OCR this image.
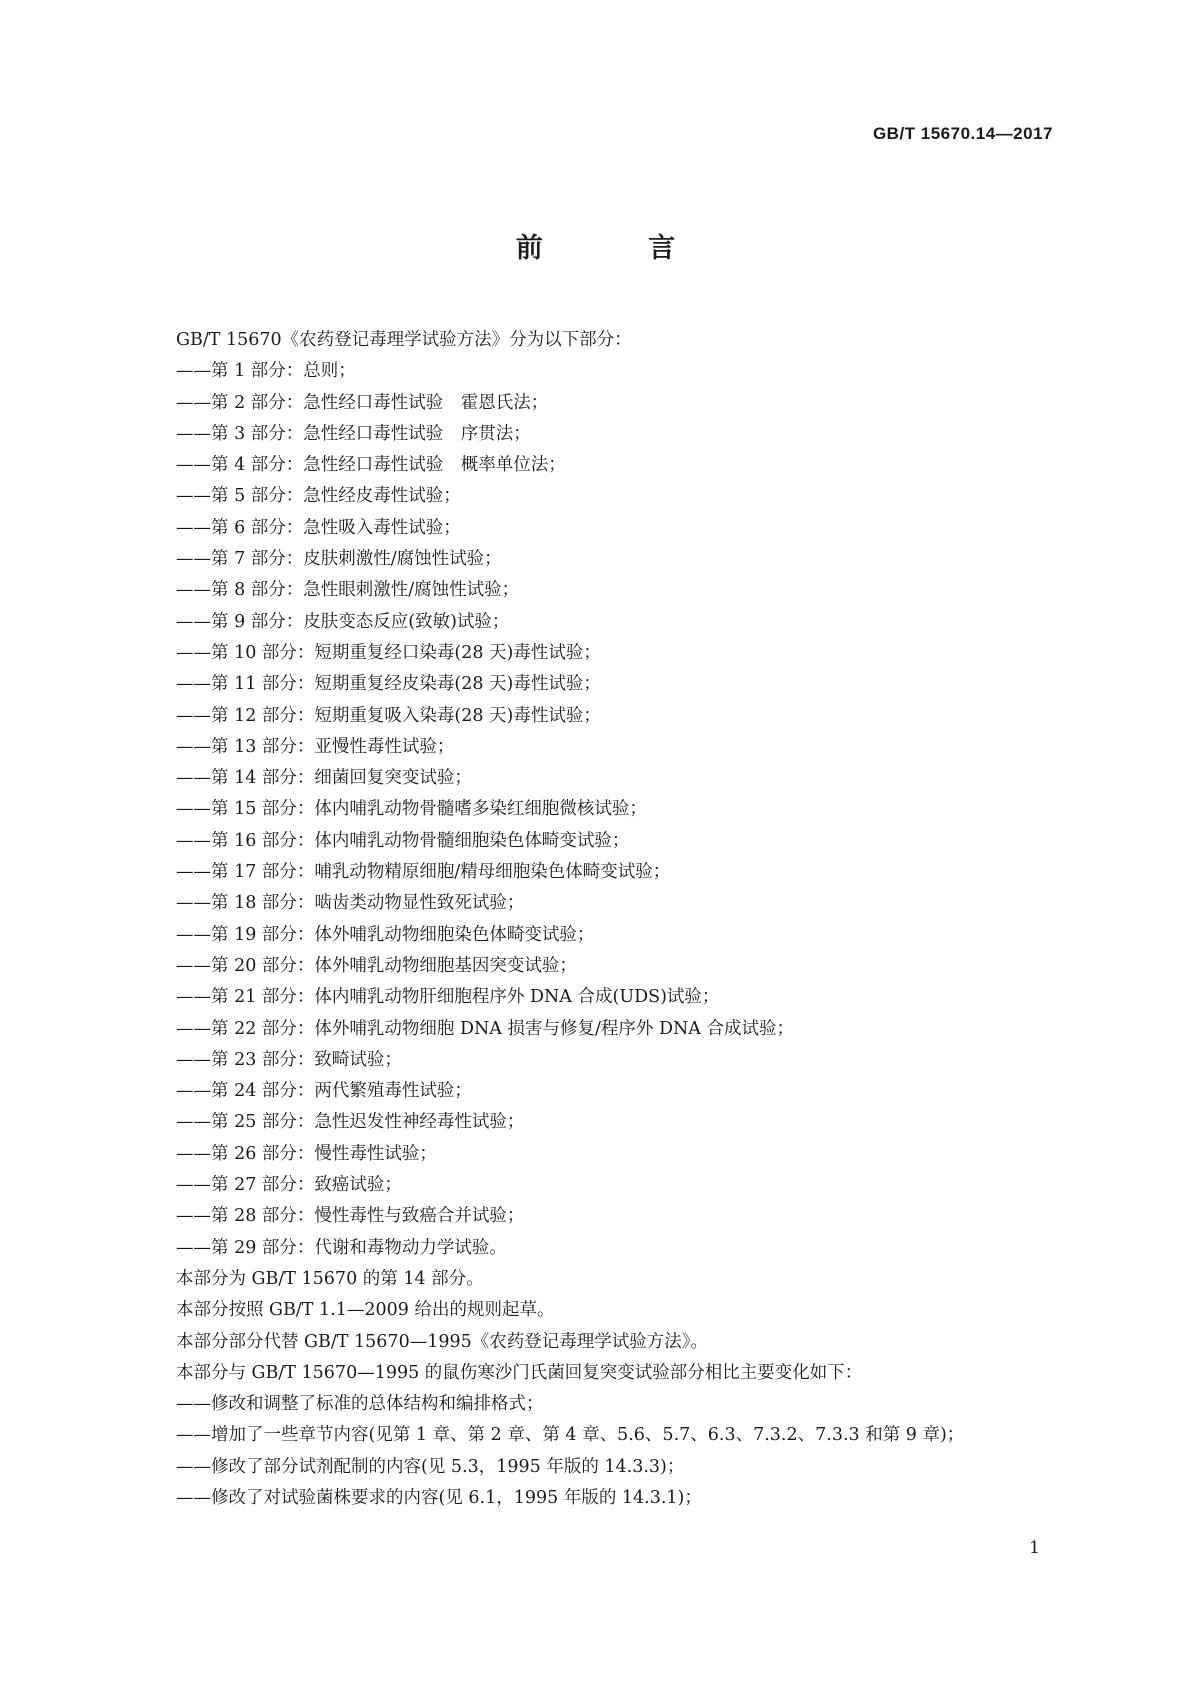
GB/T 15670.14—2017
前 言
GB/T 15670《农药登记毒理学试验方法》分为以下部分：
——第 1 部分：总则；
——第 2 部分：急性经口毒性试验　霍恩氏法；
——第 3 部分：急性经口毒性试验　序贯法；
——第 4 部分：急性经口毒性试验　概率单位法；
——第 5 部分：急性经皮毒性试验；
——第 6 部分：急性吸入毒性试验；
——第 7 部分：皮肤刺激性/腐蚀性试验；
——第 8 部分：急性眼刺激性/腐蚀性试验；
——第 9 部分：皮肤变态反应(致敏)试验；
——第 10 部分：短期重复经口染毒(28 天)毒性试验；
——第 11 部分：短期重复经皮染毒(28 天)毒性试验；
——第 12 部分：短期重复吸入染毒(28 天)毒性试验；
——第 13 部分：亚慢性毒性试验；
——第 14 部分：细菌回复突变试验；
——第 15 部分：体内哺乳动物骨髓嗜多染红细胞微核试验；
——第 16 部分：体内哺乳动物骨髓细胞染色体畸变试验；
——第 17 部分：哺乳动物精原细胞/精母细胞染色体畸变试验；
——第 18 部分：啮齿类动物显性致死试验；
——第 19 部分：体外哺乳动物细胞染色体畸变试验；
——第 20 部分：体外哺乳动物细胞基因突变试验；
——第 21 部分：体内哺乳动物肝细胞程序外 DNA 合成(UDS)试验；
——第 22 部分：体外哺乳动物细胞 DNA 损害与修复/程序外 DNA 合成试验；
——第 23 部分：致畸试验；
——第 24 部分：两代繁殖毒性试验；
——第 25 部分：急性迟发性神经毒性试验；
——第 26 部分：慢性毒性试验；
——第 27 部分：致癌试验；
——第 28 部分：慢性毒性与致癌合并试验；
——第 29 部分：代谢和毒物动力学试验。
本部分为 GB/T 15670 的第 14 部分。
本部分按照 GB/T 1.1—2009 给出的规则起草。
本部分部分代替 GB/T 15670—1995《农药登记毒理学试验方法》。
本部分与 GB/T 15670—1995 的鼠伤寒沙门氏菌回复突变试验部分相比主要变化如下：
——修改和调整了标准的总体结构和编排格式；
——增加了一些章节内容(见第 1 章、第 2 章、第 4 章、5.6、5.7、6.3、7.3.2、7.3.3 和第 9 章)；
——修改了部分试剂配制的内容(见 5.3，1995 年版的 14.3.3)；
——修改了对试验菌株要求的内容(见 6.1，1995 年版的 14.3.1)；
1
